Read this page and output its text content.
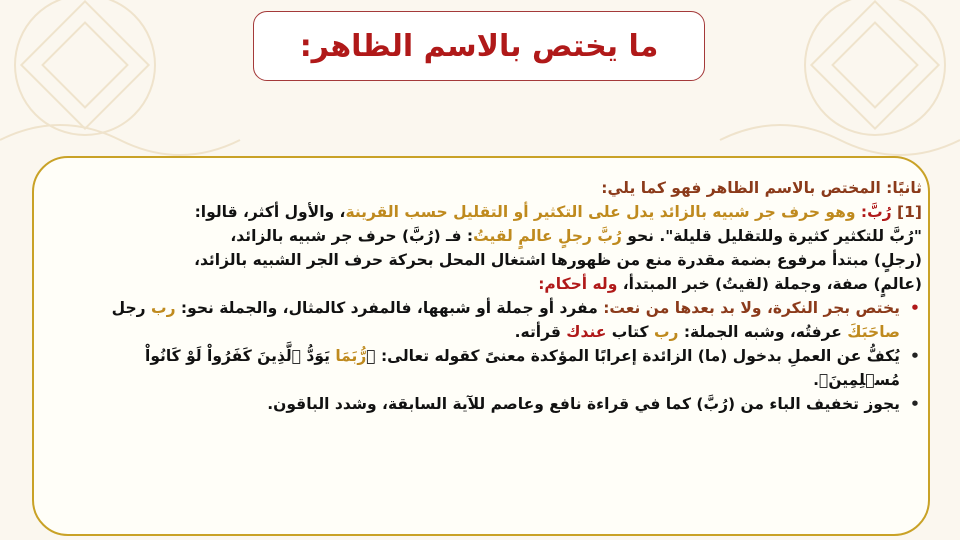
ما يختص بالاسم الظاهر:

ثانيًا: المختص بالاسم الظاهر فهو كما يلي:

[1] رُبَّ: وهو حرف جر شبيه بالزائد يدل على التكثير أو التقليل حسب القرينة، والأول أكثر، قالوا:

"رُبَّ للتكثير كثيرة وللتقليل قليلة". نحو رُبَّ رجلٍ عالمٍ لقيتُ: فـ (رُبَّ) حرف جر شبيه بالزائد،

(رجلٍ) مبتدأ مرفوع بضمة مقدرة منع من ظهورها اشتغال المحل بحركة حرف الجر الشبيه بالزائد،

(عالمٍ) صفة، وجملة (لقيتُ) خبر المبتدأ، وله أحكام:

•
يختص بجر النكرة، ولا بد بعدها من نعت: مفرد أو جملة أو شبهها، فالمفرد كالمثال، والجملة نحو: رب رجل صاحَبَكَ عرفتُه، وشبه الجملة: رب كتاب عندك قرأته.
•
يُكفُّ عن العملِ بدخول (ما) الزائدة إعرابًا المؤكدة معنىً كقوله تعالى: ﴿رُّبَمَا يَوَدُّ ٱلَّذِينَ كَفَرُواْ لَوْ كَانُواْ مُسۡلِمِينَ﴾.
•
يجوز تخفيف الباء من (رُبَّ) كما في قراءة نافع وعاصم للآية السابقة، وشدد الباقون.
